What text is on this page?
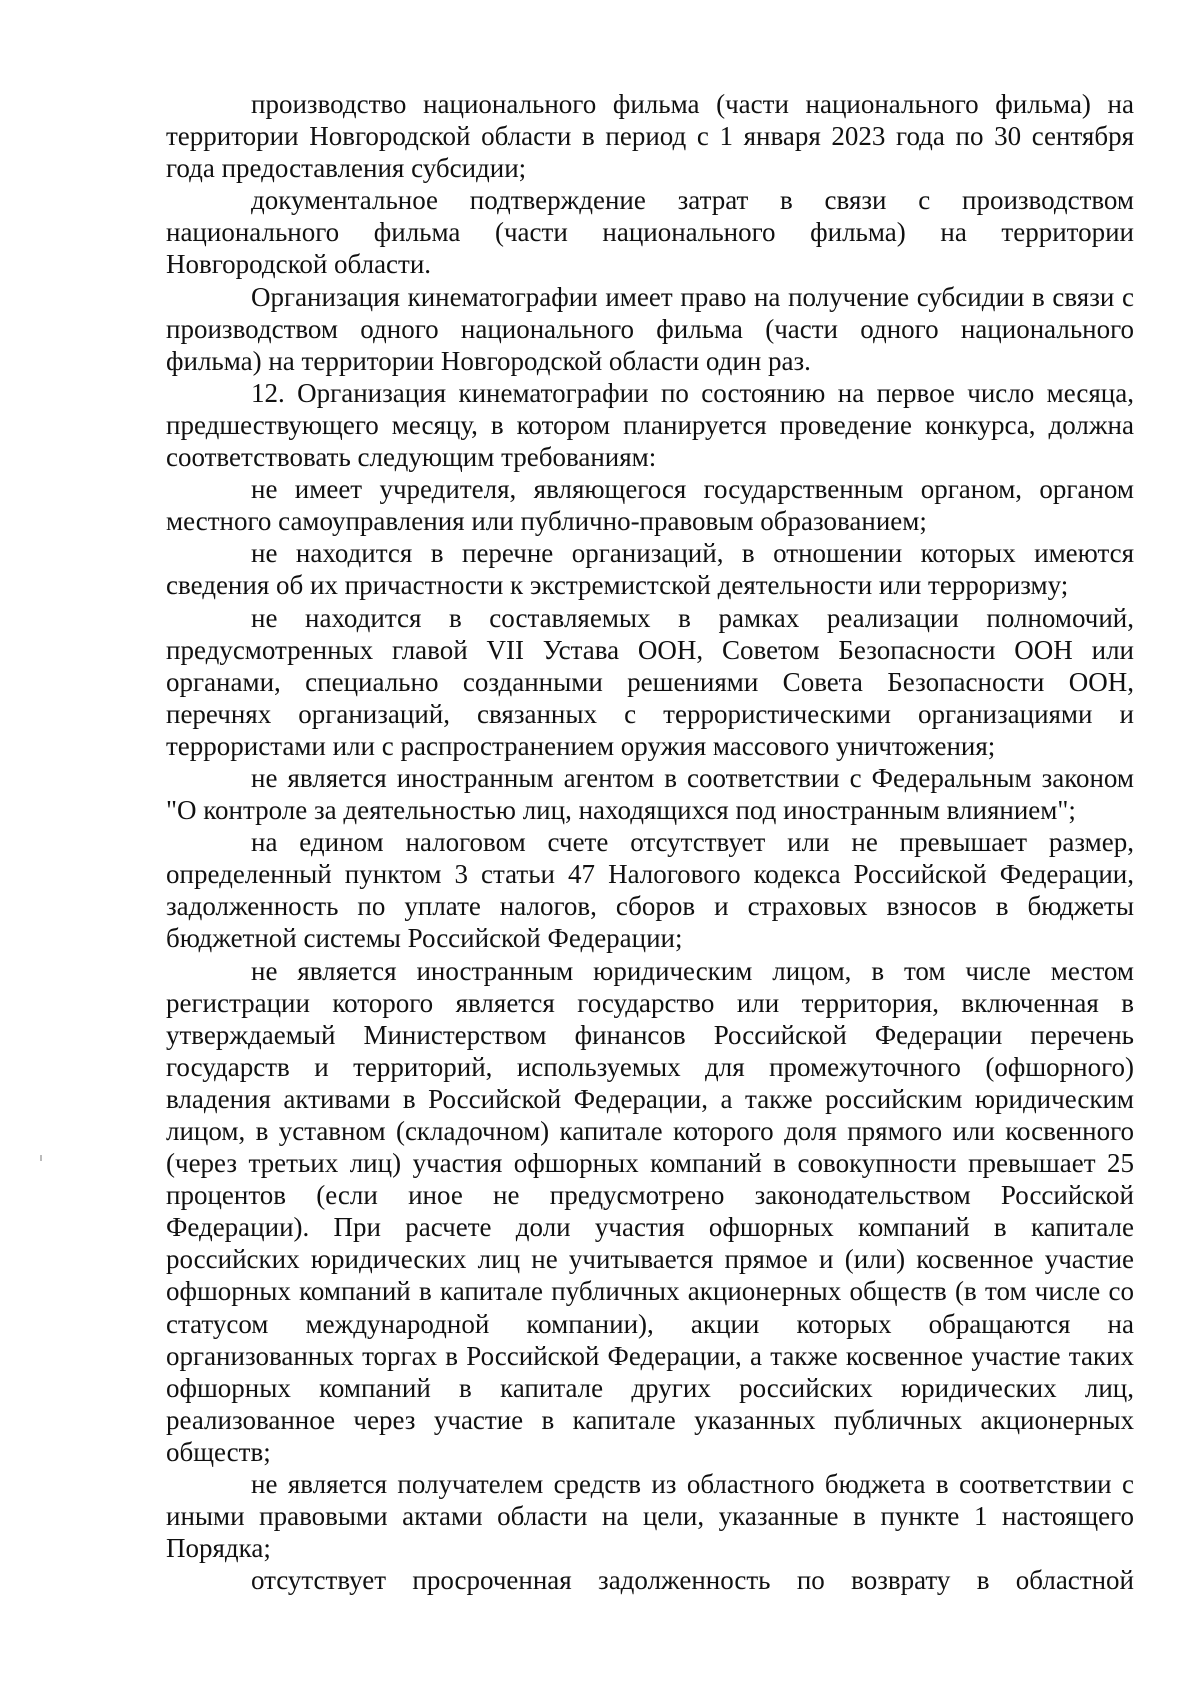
производство национального фильма (части национального фильма) на территории Новгородской области в период с 1 января 2023 года по 30 сентября года предоставления субсидии;

документальное подтверждение затрат в связи с производством национального фильма (части национального фильма) на территории Новгородской области.

Организация кинематографии имеет право на получение субсидии в связи с производством одного национального фильма (части одного национального фильма) на территории Новгородской области один раз.

12. Организация кинематографии по состоянию на первое число месяца, предшествующего месяцу, в котором планируется проведение конкурса, должна соответствовать следующим требованиям:

не имеет учредителя, являющегося государственным органом, органом местного самоуправления или публично-правовым образованием;

не находится в перечне организаций, в отношении которых имеются сведения об их причастности к экстремистской деятельности или терроризму;

не находится в составляемых в рамках реализации полномочий, предусмотренных главой VII Устава ООН, Советом Безопасности ООН или органами, специально созданными решениями Совета Безопасности ООН, перечнях организаций, связанных с террористическими организациями и террористами или с распространением оружия массового уничтожения;

не является иностранным агентом в соответствии с Федеральным законом "О контроле за деятельностью лиц, находящихся под иностранным влиянием";

на едином налоговом счете отсутствует или не превышает размер, определенный пунктом 3 статьи 47 Налогового кодекса Российской Федерации, задолженность по уплате налогов, сборов и страховых взносов в бюджеты бюджетной системы Российской Федерации;

не является иностранным юридическим лицом, в том числе местом регистрации которого является государство или территория, включенная в утверждаемый Министерством финансов Российской Федерации перечень государств и территорий, используемых для промежуточного (офшорного) владения активами в Российской Федерации, а также российским юридическим лицом, в уставном (складочном) капитале которого доля прямого или косвенного (через третьих лиц) участия офшорных компаний в совокупности превышает 25 процентов (если иное не предусмотрено законодательством Российской Федерации). При расчете доли участия офшорных компаний в капитале российских юридических лиц не учитывается прямое и (или) косвенное участие офшорных компаний в капитале публичных акционерных обществ (в том числе со статусом международной компании), акции которых обращаются на организованных торгах в Российской Федерации, а также косвенное участие таких офшорных компаний в капитале других российских юридических лиц, реализованное через участие в капитале указанных публичных акционерных обществ;

не является получателем средств из областного бюджета в соответствии с иными правовыми актами области на цели, указанные в пункте 1 настоящего Порядка;

отсутствует просроченная задолженность по возврату в областной
